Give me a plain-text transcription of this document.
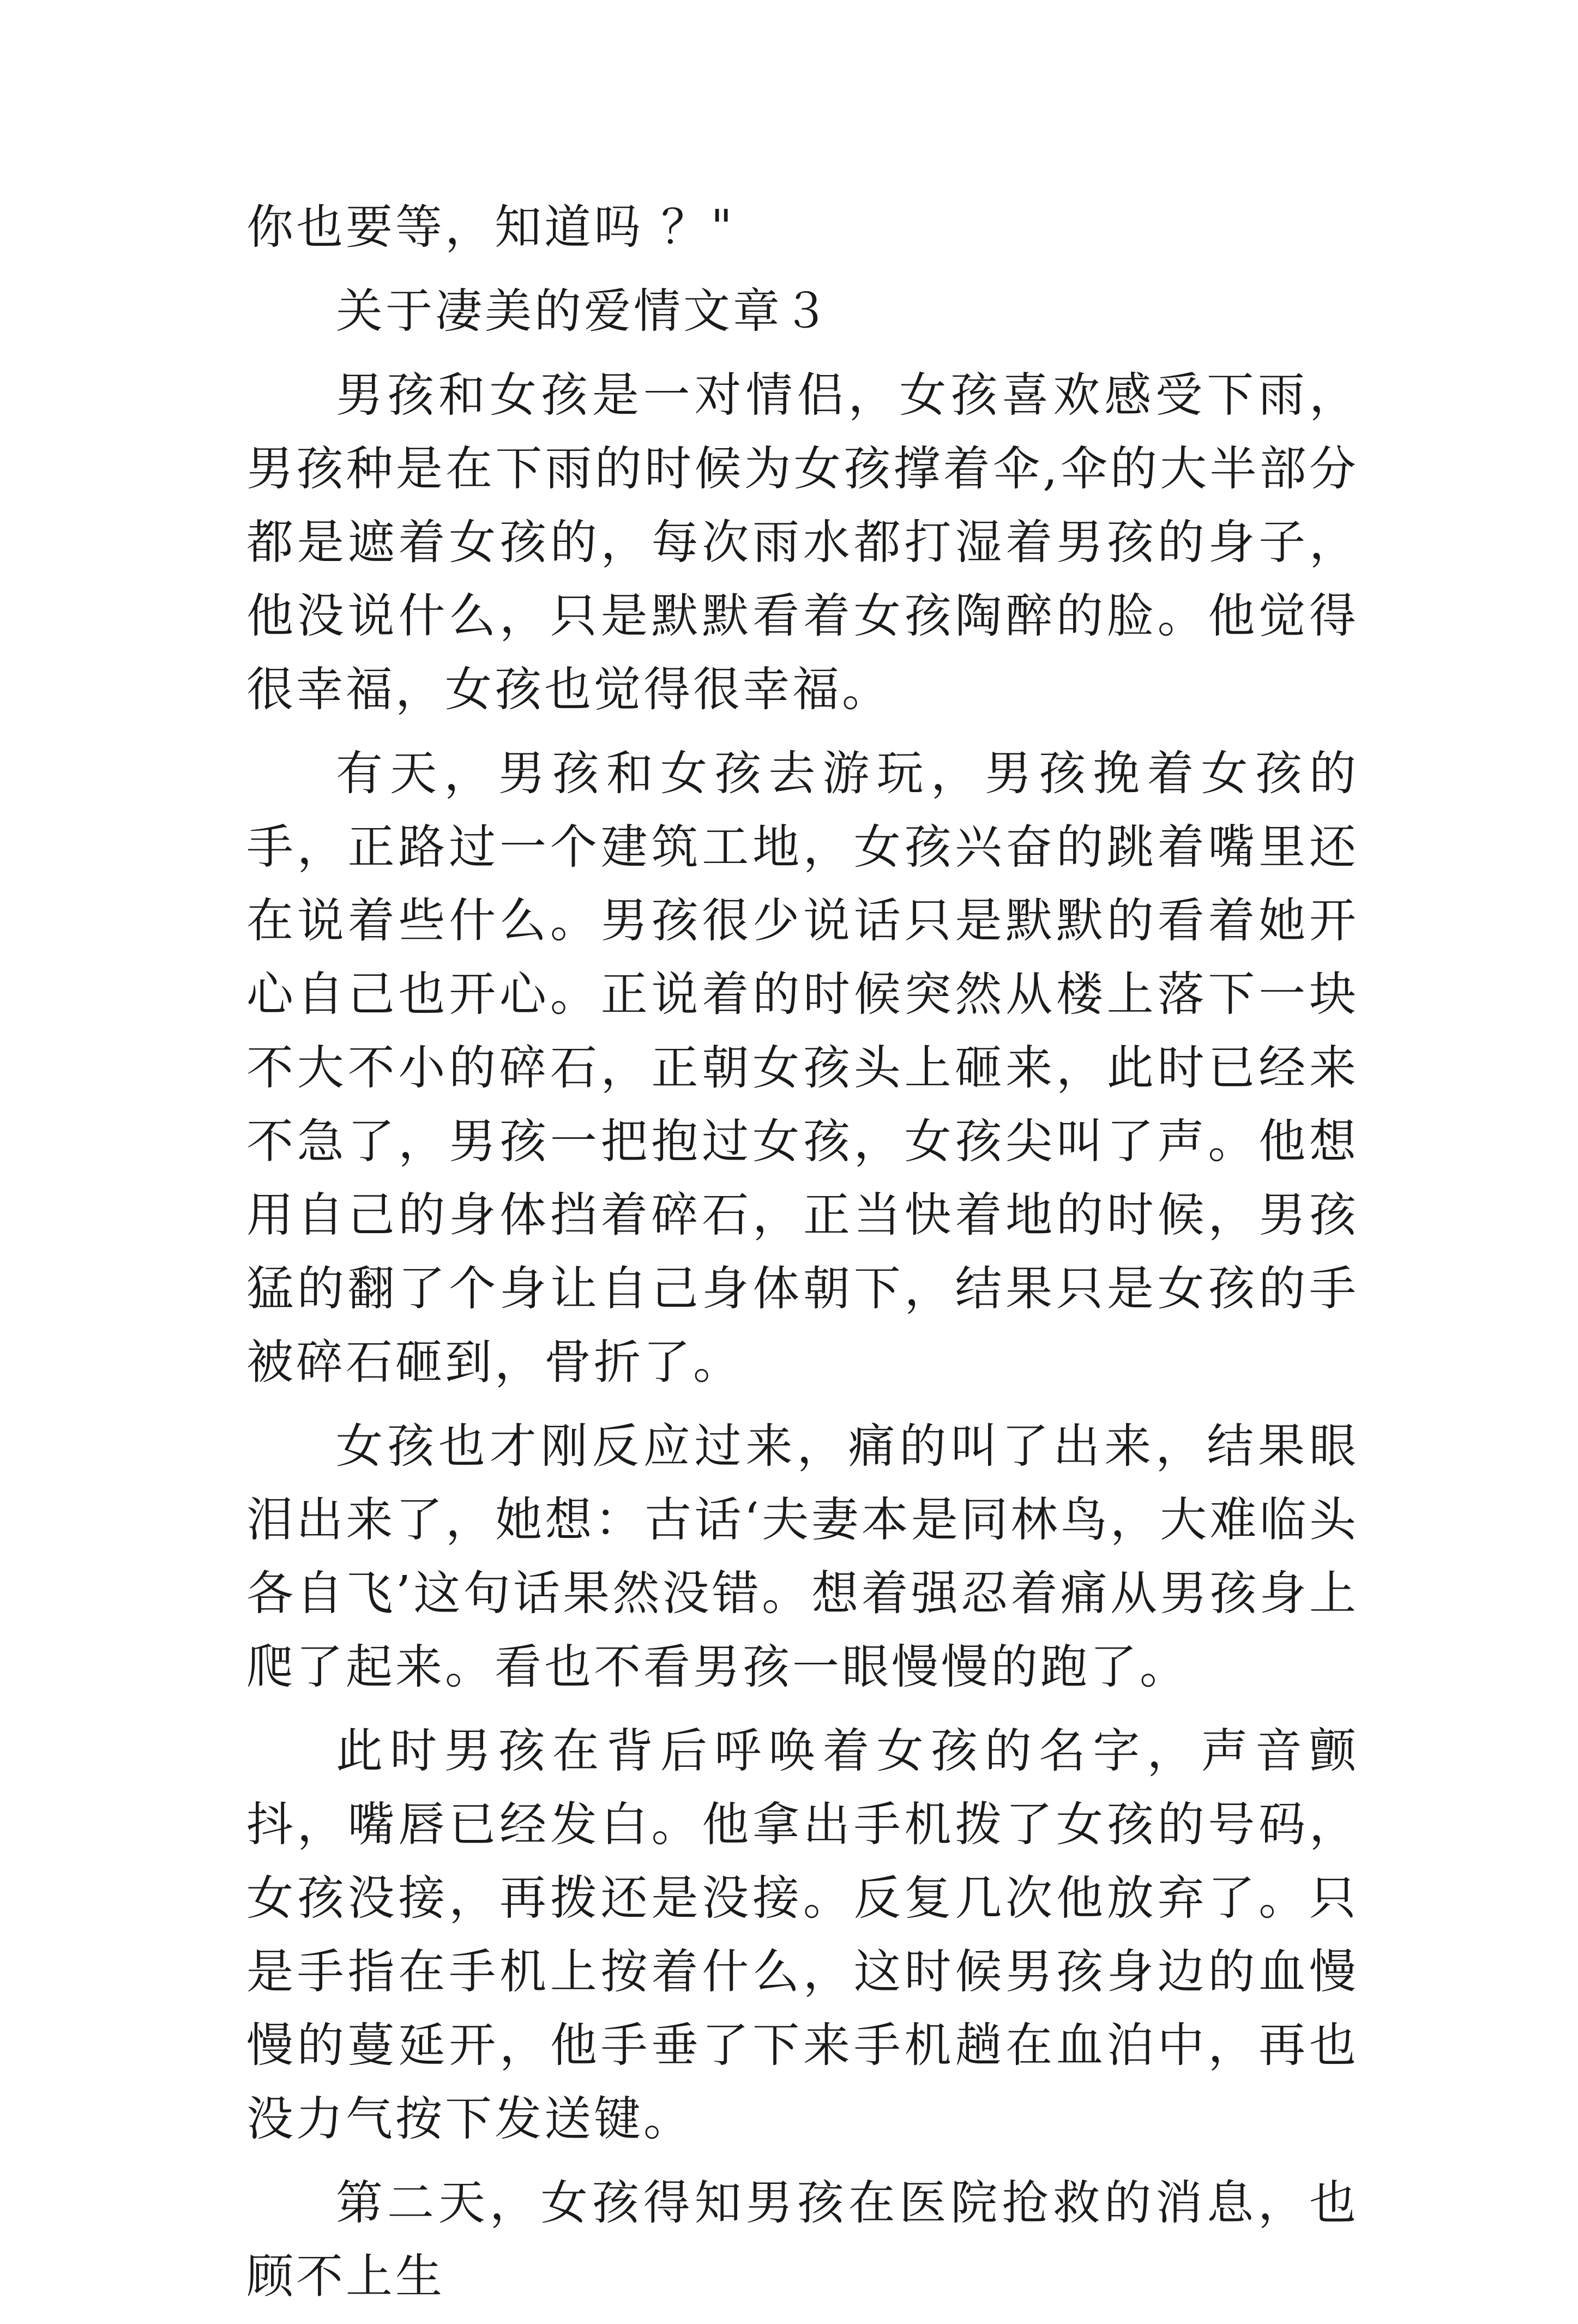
你也要等，知道吗 ？"

关于凄美的爱情文章３

男孩和女孩是一对情侣，女孩喜欢感受下雨，男孩种是在下雨的时候为女孩撑着伞,伞的大半部分都是遮着女孩的，每次雨水都打湿着男孩的身子，他没说什么，只是默默看着女孩陶醉的脸。他觉得很幸福，女孩也觉得很幸福。

有天，男孩和女孩去游玩，男孩挽着女孩的手，正路过一个建筑工地，女孩兴奋的跳着嘴里还在说着些什么。男孩很少说话只是默默的看着她开心自己也开心。正说着的时候突然从楼上落下一块不大不小的碎石，正朝女孩头上砸来，此时已经来不急了，男孩一把抱过女孩，女孩尖叫了声。他想用自己的身体挡着碎石，正当快着地的时候，男孩猛的翻了个身让自己身体朝下，结果只是女孩的手被碎石砸到，骨折了。

女孩也才刚反应过来，痛的叫了出来，结果眼泪出来了，她想：古话‘夫妻本是同林鸟，大难临头各自飞’这句话果然没错。想着强忍着痛从男孩身上爬了起来。看也不看男孩一眼慢慢的跑了。

此时男孩在背后呼唤着女孩的名字，声音颤抖，嘴唇已经发白。他拿出手机拨了女孩的号码，女孩没接，再拨还是没接。反复几次他放弃了。只是手指在手机上按着什么，这时候男孩身边的血慢慢的蔓延开，他手垂了下来手机趟在血泊中，再也没力气按下发送键。

第二天，女孩得知男孩在医院抢救的消息，也顾不上生
